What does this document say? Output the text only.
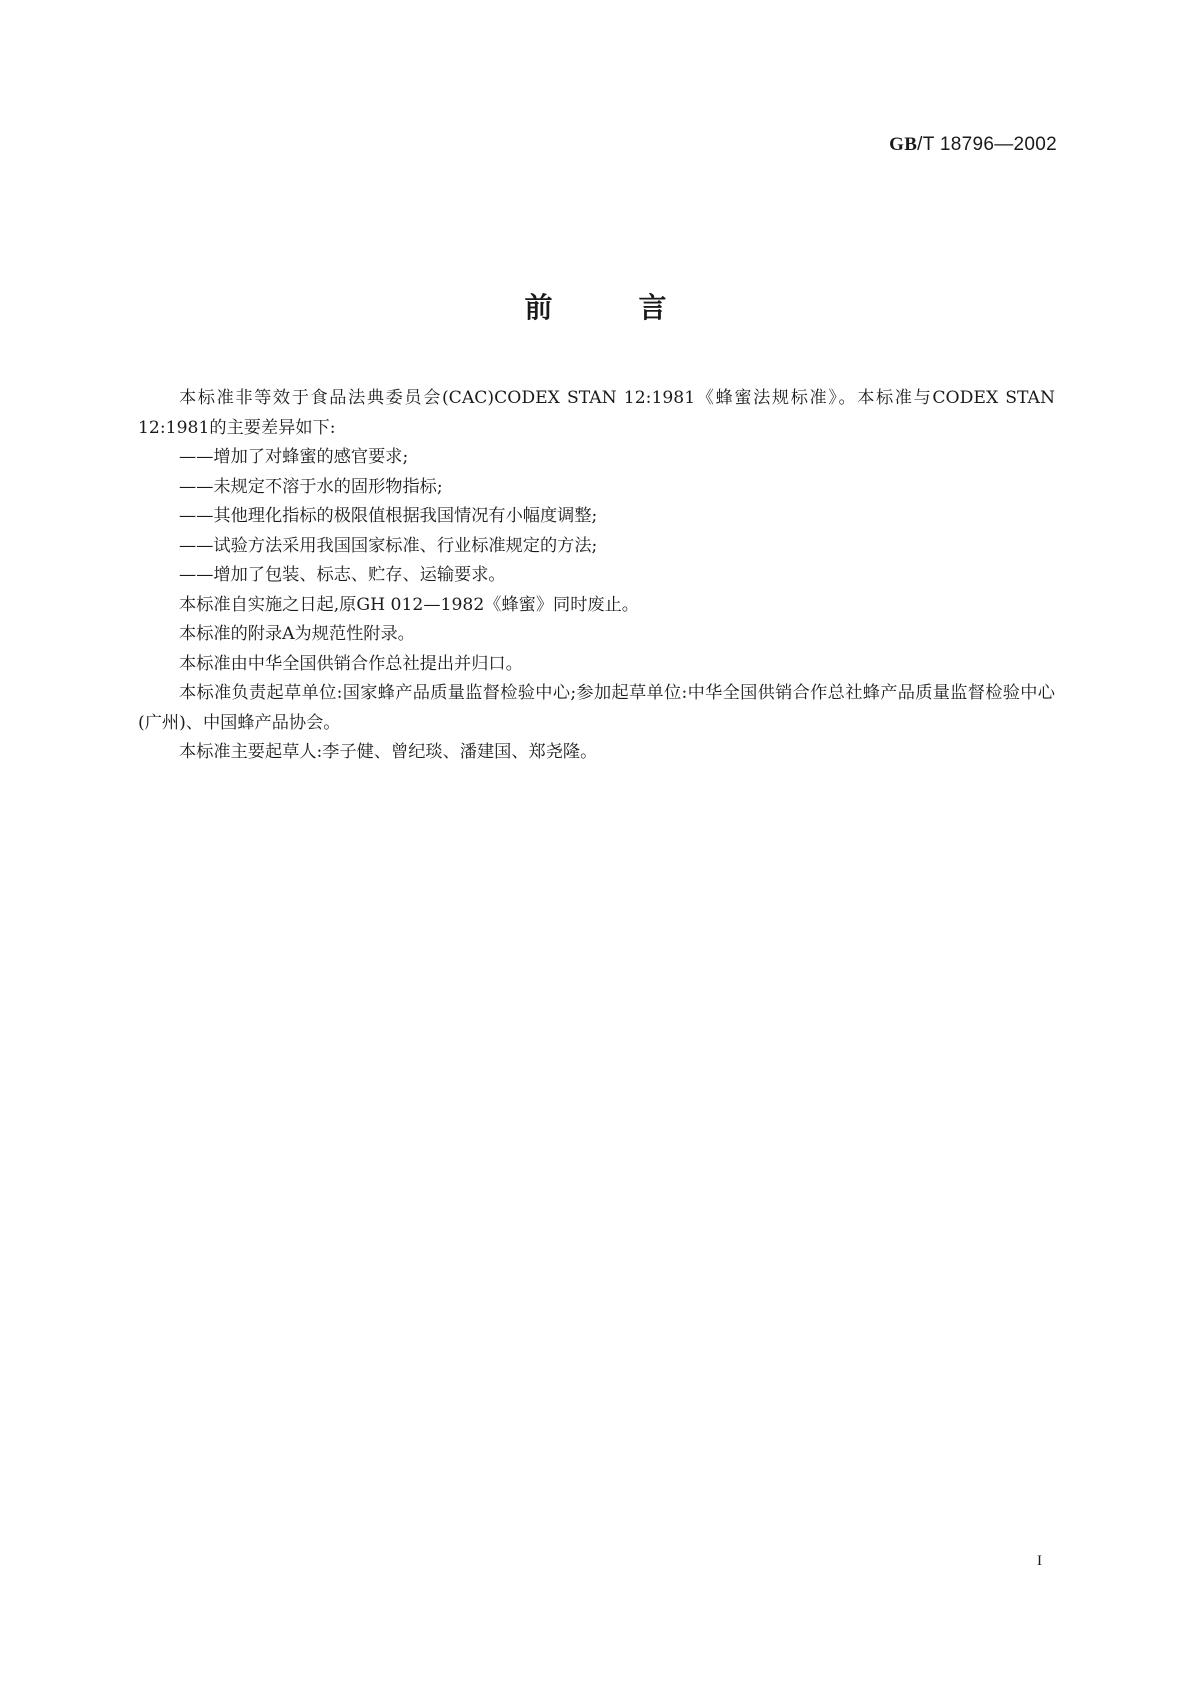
GB/T 18796—2002
前	言

本标准非等效于食品法典委员会(CAC)CODEX STAN 12:1981《蜂蜜法规标准》。本标准与CODEX STAN 12:1981的主要差异如下:

——增加了对蜂蜜的感官要求;

——未规定不溶于水的固形物指标;

——其他理化指标的极限值根据我国情况有小幅度调整;

——试验方法采用我国国家标准、行业标准规定的方法;

——增加了包装、标志、贮存、运输要求。

本标准自实施之日起,原GH 012—1982《蜂蜜》同时废止。

本标准的附录A为规范性附录。

本标准由中华全国供销合作总社提出并归口。

本标准负责起草单位:国家蜂产品质量监督检验中心;参加起草单位:中华全国供销合作总社蜂产品质量监督检验中心(广州)、中国蜂产品协会。

本标准主要起草人:李子健、曾纪琰、潘建国、郑尧隆。

I
